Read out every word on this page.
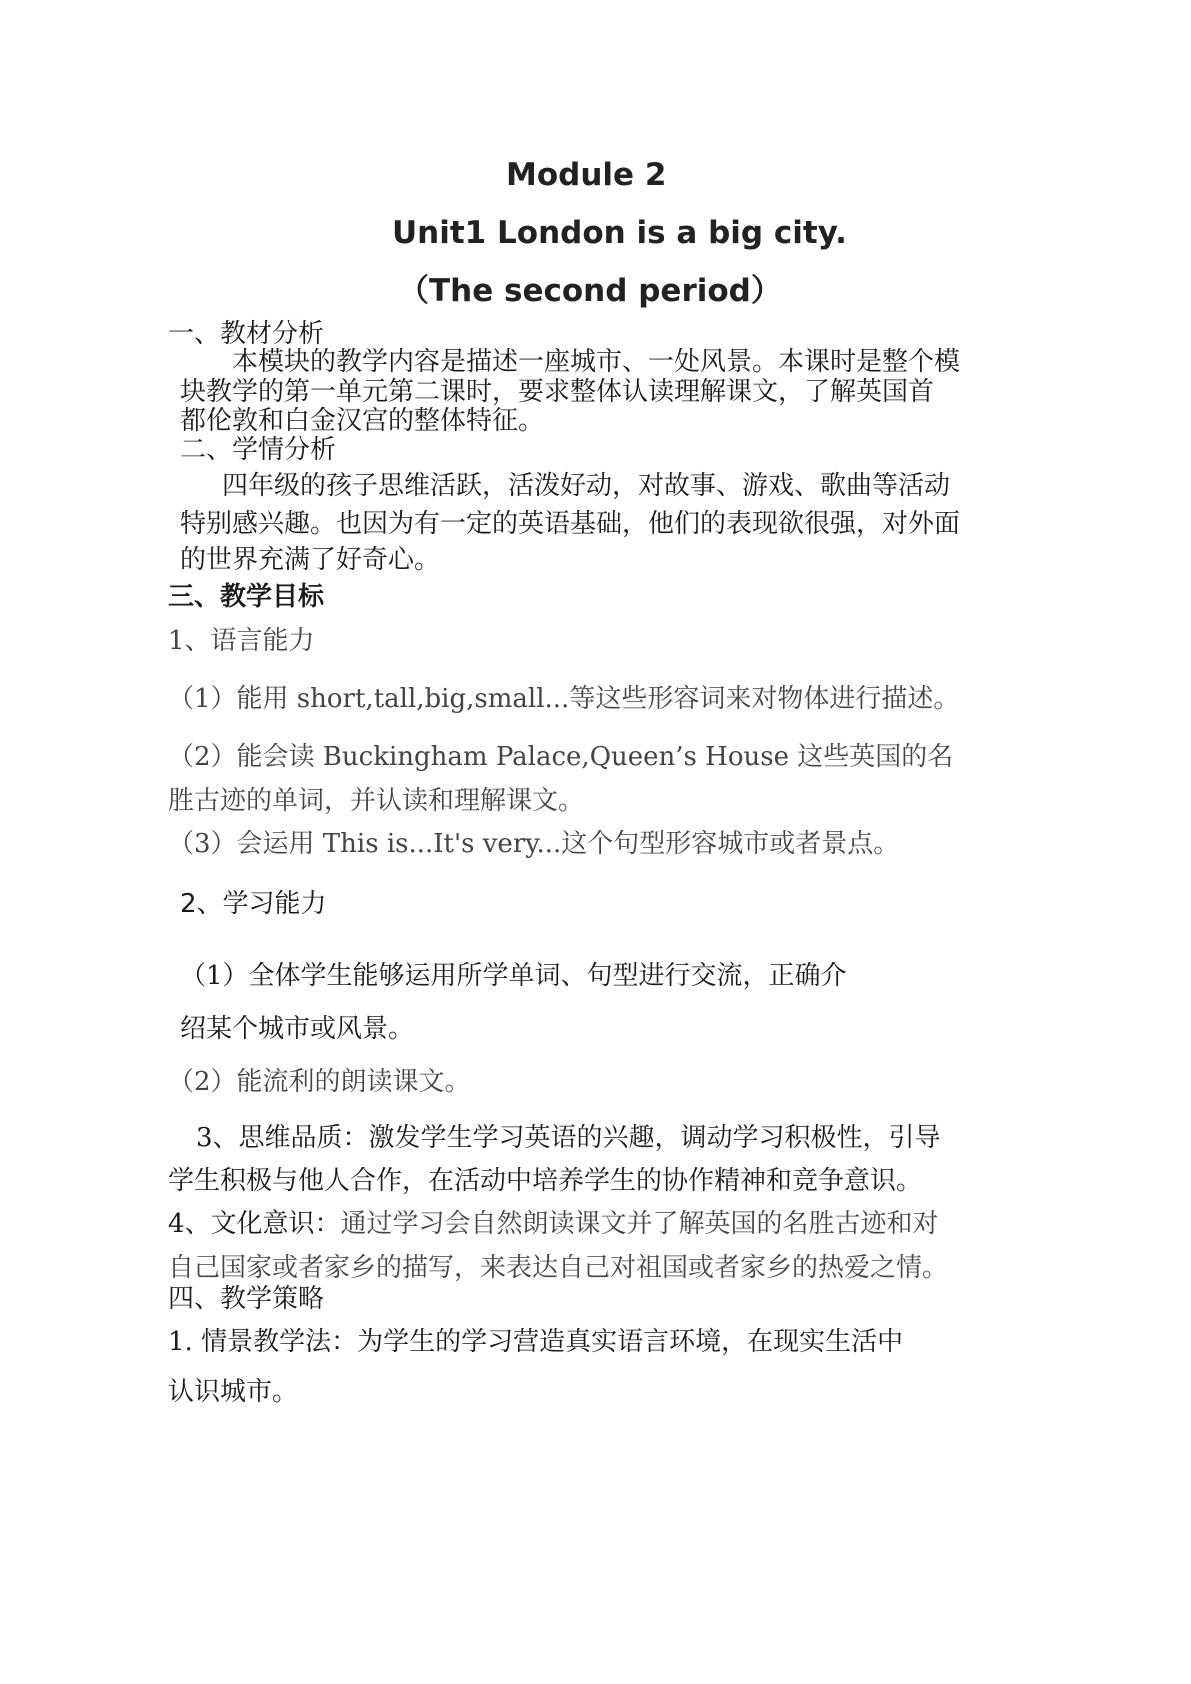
Module 2
Unit1 London is a big city.
（The second period）
一、教材分析
本模块的教学内容是描述一座城市、一处风景。本课时是整个模
块教学的第一单元第二课时，要求整体认读理解课文，了解英国首
都伦敦和白金汉宫的整体特征。
二、学情分析
四年级的孩子思维活跃，活泼好动，对故事、游戏、歌曲等活动
特别感兴趣。也因为有一定的英语基础，他们的表现欲很强，对外面
的世界充满了好奇心。
三、教学目标
1、语言能力
（1）能用 short,tall,big,small...等这些形容词来对物体进行描述。
（2）能会读 Buckingham Palace,Queen’s House 这些英国的名
胜古迹的单词，并认读和理解课文。
（3）会运用 This is...It's very...这个句型形容城市或者景点。
2、学习能力
（1）全体学生能够运用所学单词、句型进行交流，正确介
绍某个城市或风景。
（2）能流利的朗读课文。
3、思维品质：激发学生学习英语的兴趣，调动学习积极性，引导
学生积极与他人合作，在活动中培养学生的协作精神和竞争意识。
4、文化意识：通过学习会自然朗读课文并了解英国的名胜古迹和对
自己国家或者家乡的描写，来表达自己对祖国或者家乡的热爱之情。
四、教学策略
1. 情景教学法：为学生的学习营造真实语言环境，在现实生活中
认识城市。
